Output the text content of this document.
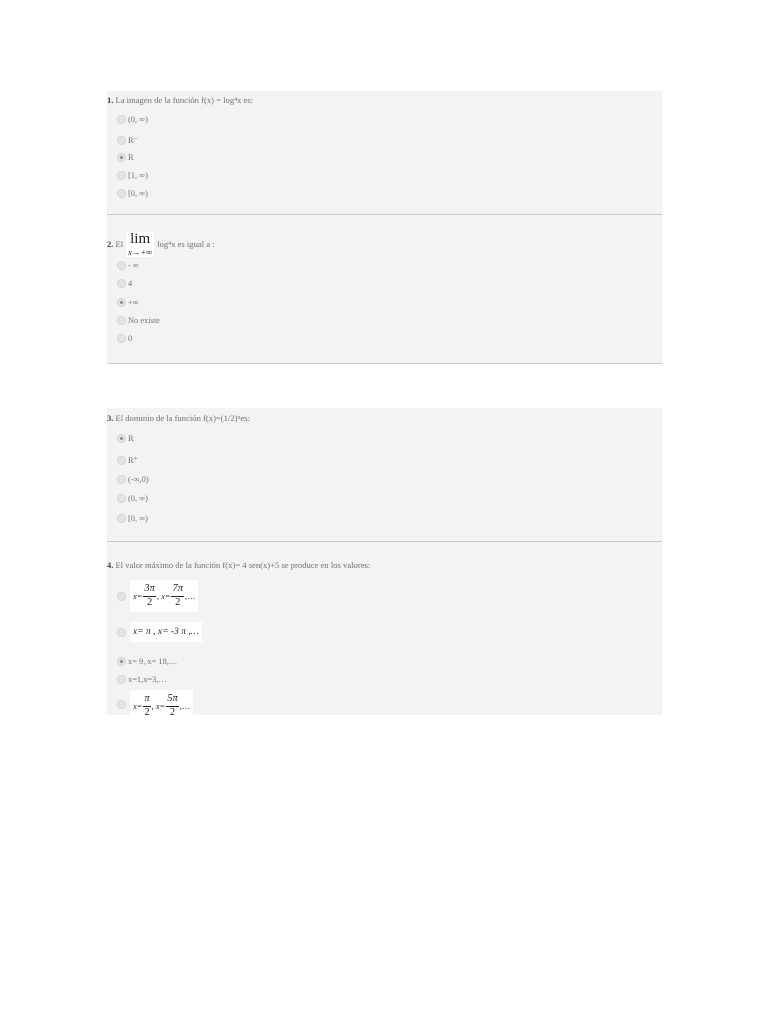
1. La imagen de la función f(x) = log 4 x es:
(0, ∞)
R⁻
R
[1, ∞)
[0, ∞)
2. El lim
x→+∞
log 4 x es igual a :
- ∞
4
+∞
No existe
0
3. El dominio de la función f(x)=(1/2) x es:
R
R⁺
(-∞,0)
(0, ∞)
[0, ∞)
4. El valor máximo de la función f(x)= 4 sen(x)+5 se produce en los valores:
$x= \frac{3\pi}{2}$ , $x= \frac{7\pi}{2}$ ,…
x= π , x= -3 π ,…
x= 9, x= 18,…
x=1,x=3,…
$x= \frac{\pi}{2}$ , $x= \frac{5\pi}{2}$ ,…
